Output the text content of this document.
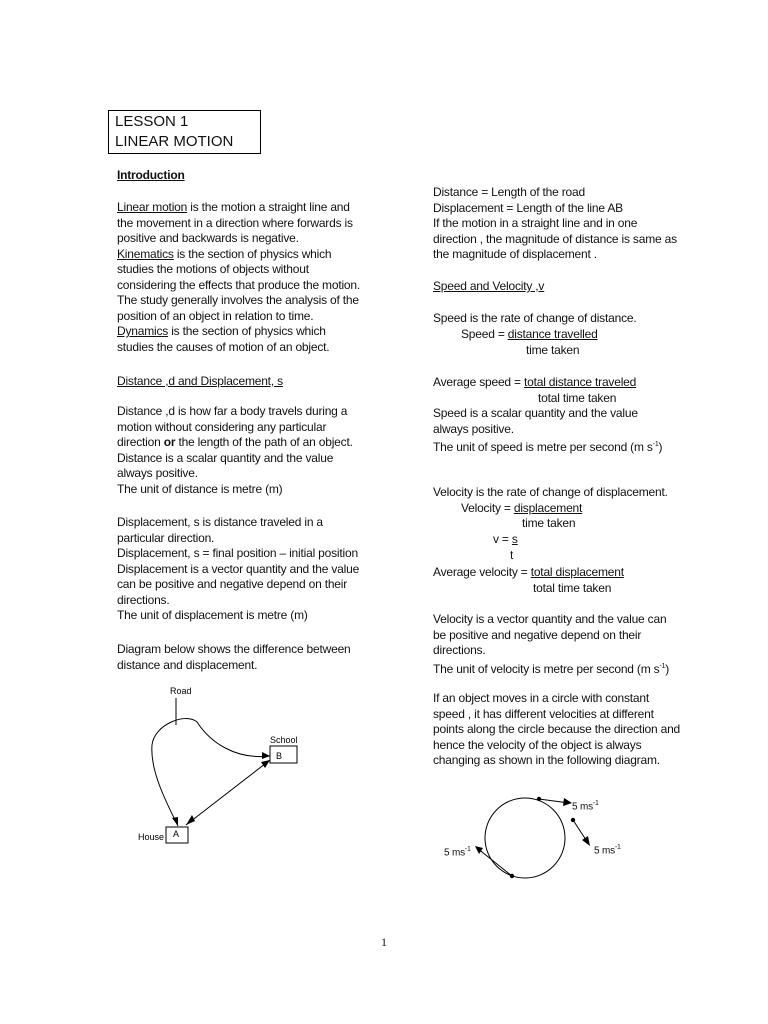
LESSON 1
LINEAR MOTION
Introduction
Linear motion is the motion a straight line and
the movement in a direction where forwards is
positive and backwards is negative.
Kinematics is the section of physics which
studies the motions of objects without
considering the effects that produce the motion.
The study generally involves the analysis of the
position of an object in relation to time.
Dynamics is the section of physics which
studies the causes of motion of an object.
Distance ,d and Displacement, s
Distance ,d is how far a body travels during a
motion without considering any particular
direction or the length of the path of an object.
Distance is a scalar quantity and the value
always positive.
The unit of distance is metre (m)
Displacement, s is distance traveled in a
particular direction.
Displacement, s = final position – initial position
Displacement is a vector quantity and the value
can be positive and negative depend on their
directions.
The unit of displacement is metre (m)
Diagram below shows the difference between
distance and displacement.
Road
School
B
House A
5 $ms^{-1}$
5 $ms^{-1}$
5 $ms^{-1}$
Distance = Length of the road
Displacement = Length of the line AB
If the motion in a straight line and in one
direction , the magnitude of distance is same as
the magnitude of displacement .
Speed and Velocity ,v
Speed is the rate of change of distance.
Speed = distance travelled
time taken
Average speed = total distance traveled
total time taken
Speed is a scalar quantity and the value
always positive.
The unit of speed is metre per second (m $s^{-1}$)
Velocity is the rate of change of displacement.
Velocity = displacement
time taken
v = s
t
Average velocity = total displacement
total time taken
Velocity is a vector quantity and the value can
be positive and negative depend on their
directions.
The unit of velocity is metre per second (m $s^{-1}$)
If an object moves in a circle with constant
speed , it has different velocities at different
points along the circle because the direction and
hence the velocity of the object is always
changing as shown in the following diagram.
1
